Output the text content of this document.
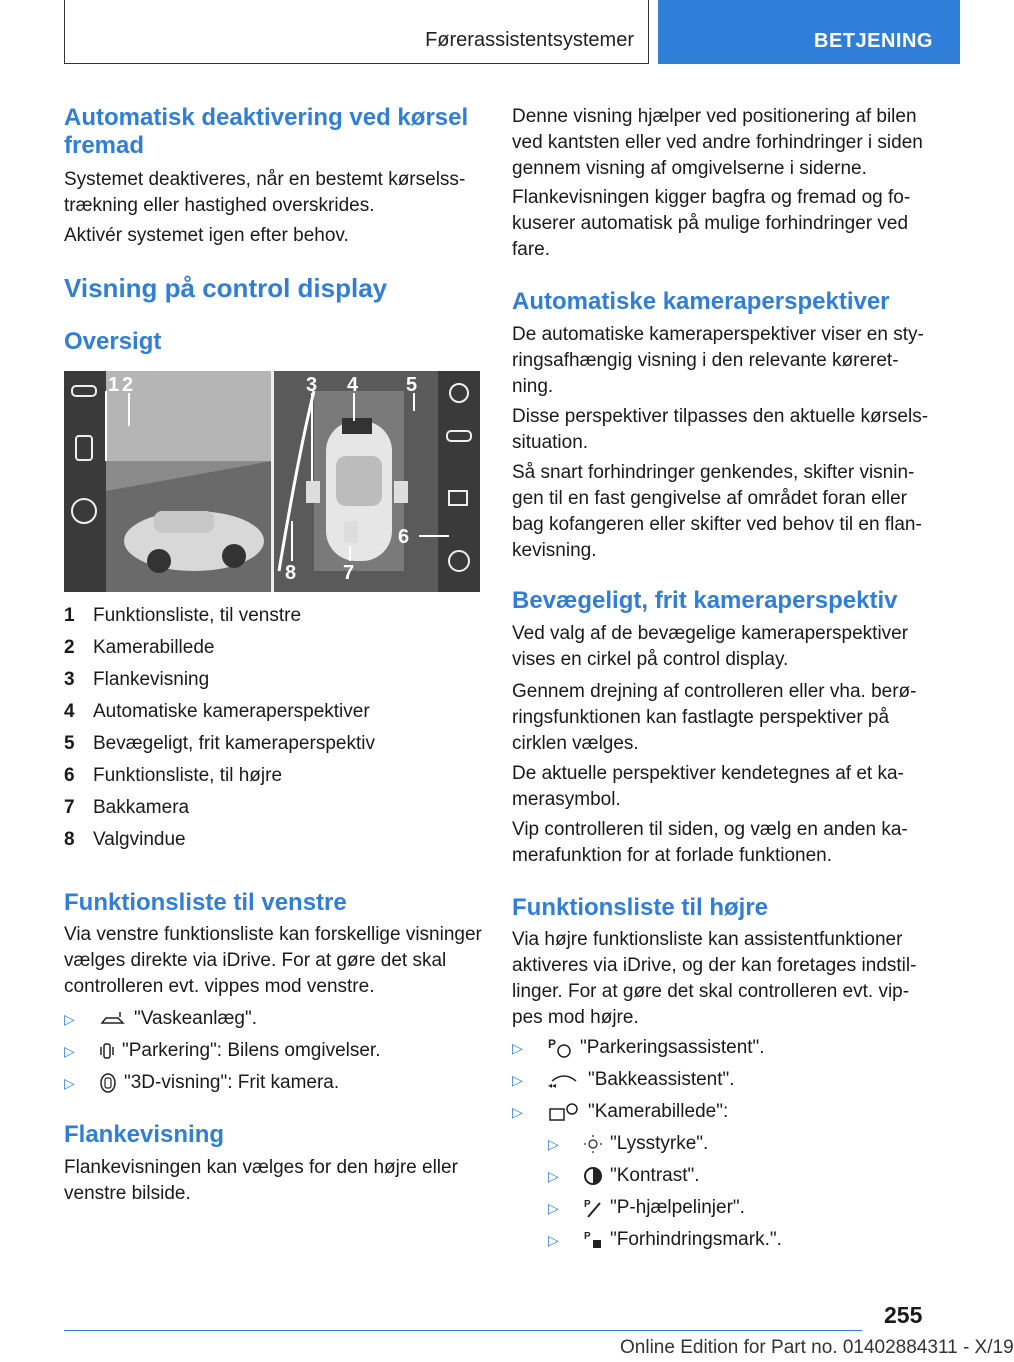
Førerassistentsystemer	BETJENING
Automatisk deaktivering ved kørsel fremad
Systemet deaktiveres, når en bestemt kørselsstrækning eller hastighed overskrides.
Aktivér systemet igen efter behov.
Visning på control display
Oversigt
1 2	3 4 5
6
7
8
1 Funktionsliste, til venstre
2 Kamerabillede
3 Flankevisning
4 Automatiske kameraperspektiver
5 Bevægeligt, frit kameraperspektiv
6 Funktionsliste, til højre
7 Bakkamera
8 Valgvindue
Funktionsliste til venstre
Via venstre funktionsliste kan forskellige visninger vælges direkte via iDrive. For at gøre det skal controlleren evt. vippes mod venstre.
▷	"Vaskeanlæg".
▷ "Parkering": Bilens omgivelser.
▷	"3D-visning": Frit kamera.
Flankevisning
Flankevisningen kan vælges for den højre eller venstre bilside.
Denne visning hjælper ved positionering af bilen ved kantsten eller ved andre forhindringer i siden gennem visning af omgivelserne i siderne.
Flankevisningen kigger bagfra og fremad og fokuserer automatisk på mulige forhindringer ved fare.
Automatiske kameraperspektiver
De automatiske kameraperspektiver viser en styringsafhængig visning i den relevante køreretning.
Disse perspektiver tilpasses den aktuelle kørselssituation.
Så snart forhindringer genkendes, skifter visningen til en fast gengivelse af området foran eller bag kofangeren eller skifter ved behov til en flankevisning.
Bevægeligt, frit kameraperspektiv
Ved valg af de bevægelige kameraperspektiver vises en cirkel på control display.
Gennem drejning af controlleren eller vha. berøringsfunktionen kan fastlagte perspektiver på cirklen vælges.
De aktuelle perspektiver kendetegnes af et kamerasymbol.
Vip controlleren til siden, og vælg en anden kamerafunktion for at forlade funktionen.
Funktionsliste til højre
Via højre funktionsliste kan assistentfunktioner aktiveres via iDrive, og der kan foretages indstillinger. For at gøre det skal controlleren evt. vippes mod højre.
▷ P "Parkeringsassistent".
▷	◂◂ "Bakkeassistent".
▷	"Kamerabillede":
▷	"Lysstyrke".
▷	"Kontrast".
▷	P "P-hjælpelinjer".
▷	P "Forhindringsmark.".
255
Online Edition for Part no. 01402884311 - X/19
